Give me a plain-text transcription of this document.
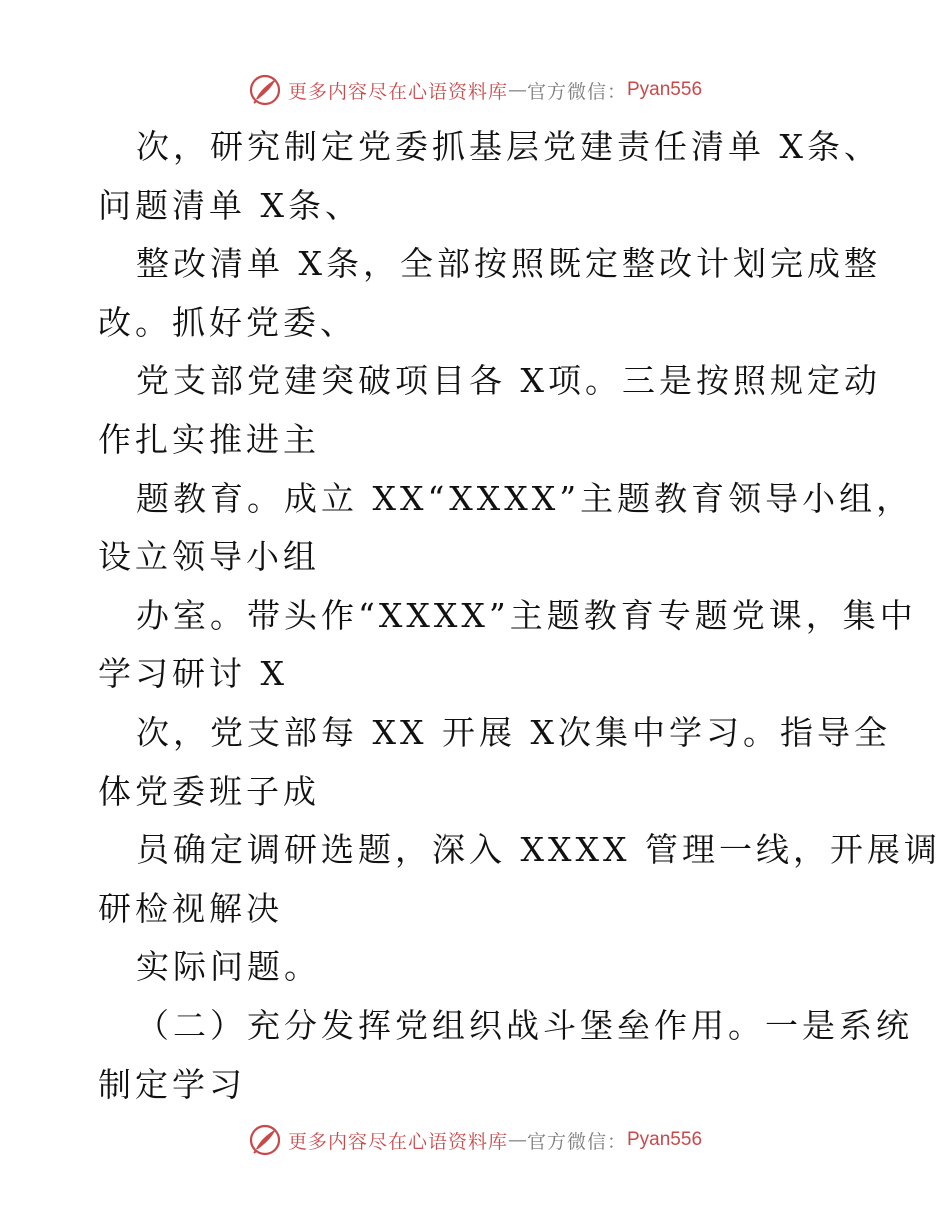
更多内容尽在心语资料库 — 官方微信： Pyan556
次，研究制定党委抓基层党建责任清单 X条、
问题清单 X条、
整改清单 X条，全部按照既定整改计划完成整
改。抓好党委、
党支部党建突破项目各 X项。三是按照规定动
作扎实推进主
题教育。成立 XX“XXXX”主题教育领导小组，
设立领导小组
办室。带头作“XXXX”主题教育专题党课，集中
学习研讨 X
次，党支部每 XX 开展 X次集中学习。指导全
体党委班子成
员确定调研选题，深入 XXXX 管理一线，开展调
研检视解决
实际问题。
（二）充分发挥党组织战斗堡垒作用。一是系统
制定学习
更多内容尽在心语资料库 — 官方微信： Pyan556
